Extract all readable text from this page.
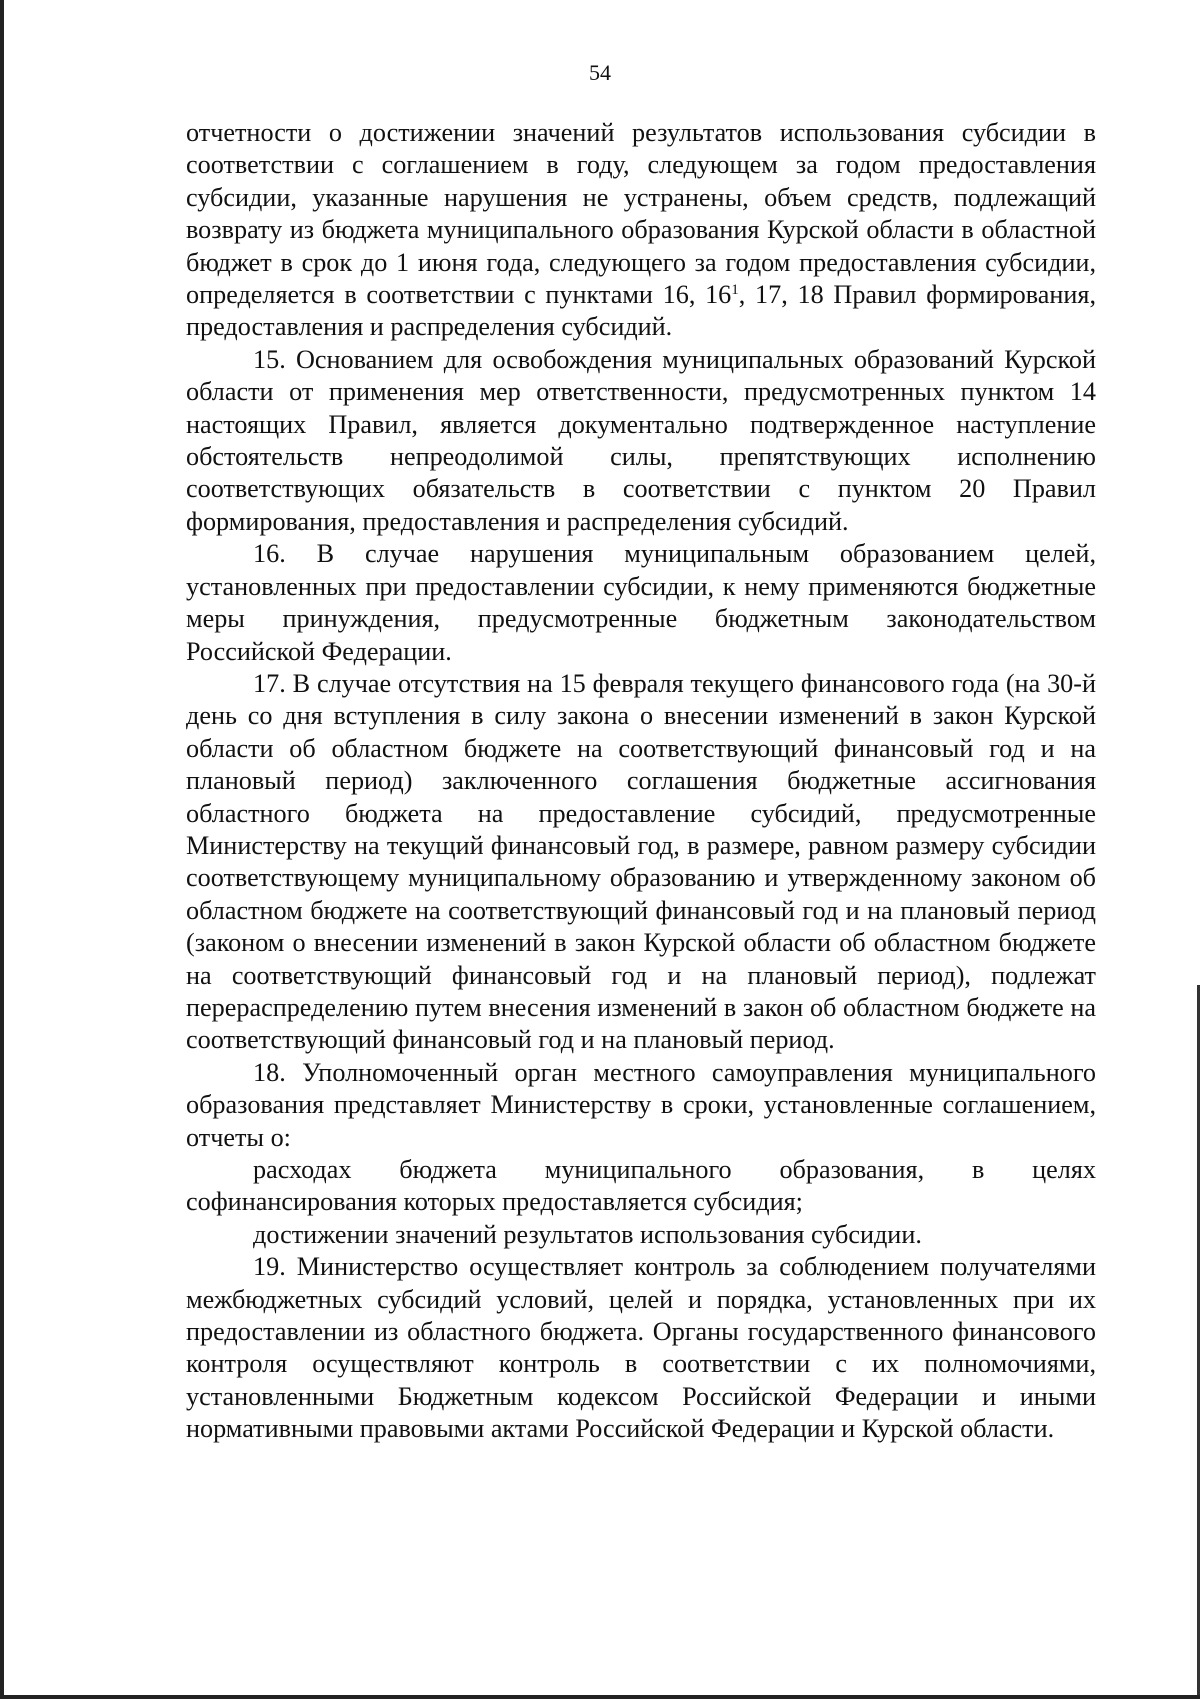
54

отчетности о достижении значений результатов использования субсидии в соответствии с соглашением в году, следующем за годом предоставления субсидии, указанные нарушения не устранены, объем средств, подлежащий возврату из бюджета муниципального образования Курской области в областной бюджет в срок до 1 июня года, следующего за годом предоставления субсидии, определяется в соответствии с пунктами 16, $16^1$, 17, 18 Правил формирования, предоставления и распределения субсидий.

15. Основанием для освобождения муниципальных образований Курской области от применения мер ответственности, предусмотренных пунктом 14 настоящих Правил, является документально подтвержденное наступление обстоятельств непреодолимой силы, препятствующих исполнению соответствующих обязательств в соответствии с пунктом 20 Правил формирования, предоставления и распределения субсидий.

16. В случае нарушения муниципальным образованием целей, установленных при предоставлении субсидии, к нему применяются бюджетные меры принуждения, предусмотренные бюджетным законодательством Российской Федерации.

17. В случае отсутствия на 15 февраля текущего финансового года (на 30-й день со дня вступления в силу закона о внесении изменений в закон Курской области об областном бюджете на соответствующий финансовый год и на плановый период) заключенного соглашения бюджетные ассигнования областного бюджета на предоставление субсидий, предусмотренные Министерству на текущий финансовый год, в размере, равном размеру субсидии соответствующему муниципальному образованию и утвержденному законом об областном бюджете на соответствующий финансовый год и на плановый период (законом о внесении изменений в закон Курской области об областном бюджете на соответствующий финансовый год и на плановый период), подлежат перераспределению путем внесения изменений в закон об областном бюджете на соответствующий финансовый год и на плановый период.

18. Уполномоченный орган местного самоуправления муниципального образования представляет Министерству в сроки, установленные соглашением, отчеты о:

расходах бюджета муниципального образования, в целях софинансирования которых предоставляется субсидия;

достижении значений результатов использования субсидии.

19. Министерство осуществляет контроль за соблюдением получателями межбюджетных субсидий условий, целей и порядка, установленных при их предоставлении из областного бюджета. Органы государственного финансового контроля осуществляют контроль в соответствии с их полномочиями, установленными Бюджетным кодексом Российской Федерации и иными нормативными правовыми актами Российской Федерации и Курской области.
